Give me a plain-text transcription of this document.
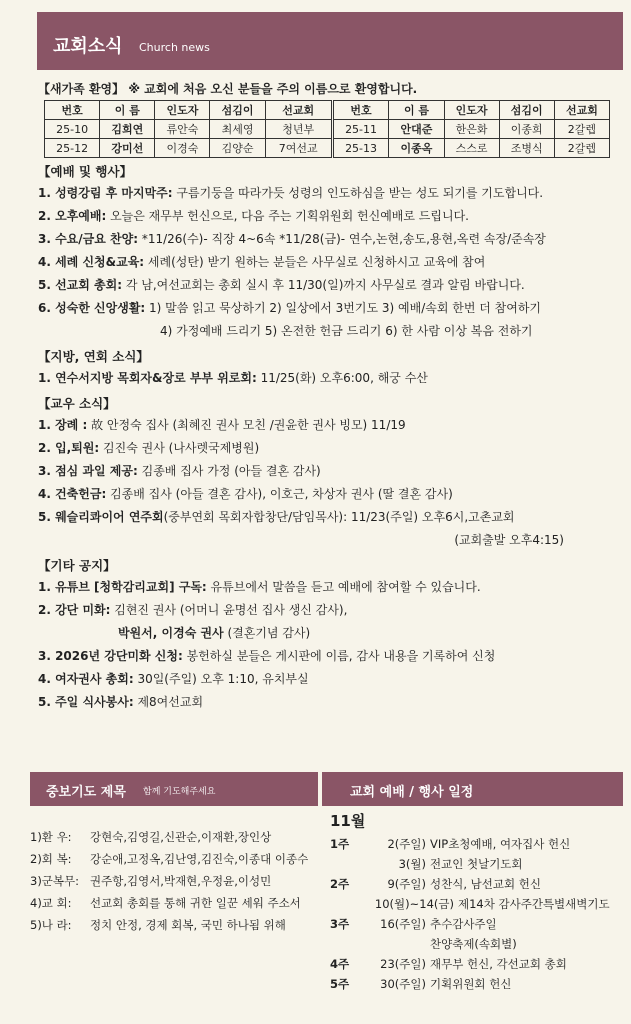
교회소식 Church news
【새가족 환영】 ※ 교회에 처음 오신 분들을 주의 이름으로 환영합니다.
번호	이 름	인도자	섬김이	선교회	번호	이 름	인도자	섬김이	선교회
25-10	김희연	류안숙	최세영	청년부	25-11	안대준	한은화	이종희	2갈렙
25-12	강미선	이경숙	김양순	7여선교	25-13	이종옥	스스로	조병식	2갈렙
【예배 및 행사】
1. 성령강림 후 마지막주: 구름기둥을 따라가듯 성령의 인도하심을 받는 성도 되기를 기도합니다.
2. 오후예배: 오늘은 재무부 헌신으로, 다음 주는 기획위원회 헌신예배로 드립니다.
3. 수요/금요 찬양: *11/26(수)- 직장 4~6속 *11/28(금)- 연수,논현,송도,용현,옥련 속장/준속장
4. 세례 신청&교육: 세례(성탄) 받기 원하는 분들은 사무실로 신청하시고 교육에 참여
5. 선교회 총회: 각 남,여선교회는 총회 실시 후 11/30(일)까지 사무실로 결과 알림 바랍니다.
6. 성숙한 신앙생활: 1) 말씀 읽고 묵상하기 2) 일상에서 3번기도 3) 예배/속회 한번 더 참여하기
4) 가정예배 드리기 5) 온전한 헌금 드리기 6) 한 사람 이상 복음 전하기
【지방, 연회 소식】
1. 연수서지방 목회자&장로 부부 위로회: 11/25(화) 오후6:00, 해궁 수산
【교우 소식】
1. 장례 : 故 안정숙 집사 (최혜진 권사 모친 /권윤한 권사 빙모) 11/19
2. 입,퇴원: 김진숙 권사 (나사렛국제병원)
3. 점심 과일 제공: 김종배 집사 가정 (아들 결혼 감사)
4. 건축헌금: 김종배 집사 (아들 결혼 감사), 이호근, 차상자 권사 (딸 결혼 감사)
5. 웨슬리콰이어 연주회(중부연회 목회자합창단/담임목사): 11/23(주일) 오후6시,고촌교회
(교회출발 오후4:15)
【기타 공지】
1. 유튜브 [청학감리교회] 구독: 유튜브에서 말씀을 듣고 예배에 참여할 수 있습니다.
2. 강단 미화: 김현진 권사 (어머니 윤명선 집사 생신 감사),
박원서, 이경숙 권사 (결혼기념 감사)
3. 2026년 강단미화 신청: 봉헌하실 분들은 게시판에 이름, 감사 내용을 기록하여 신청
4. 여자권사 총회: 30일(주일) 오후 1:10, 유치부실
5. 주일 식사봉사: 제8여선교회
중보기도 제목 함께 기도해주세요	교회 예배 / 행사 일정
1)환 우:	강현숙,김영길,신관순,이재환,장인상
2)회 복:	강순애,고정옥,김난영,김진숙,이종대 이종수
3)군복무: 권주항,김영서,박재현,우정윤,이성민
4)교 회:	선교회 총회를 통해 귀한 일꾼 세워 주소서
5)나 라:	정치 안정, 경제 회복, 국민 하나됨 위해
11월
1주	2(주일) VIP초청예배, 여자집사 헌신
3(월) 전교인 첫날기도회
2주	9(주일) 성찬식, 남선교회 헌신
10(월)~14(금) 제14차 감사주간특별새벽기도
3주	16(주일) 추수감사주일
찬양축제(속회별)
4주	23(주일) 재무부 헌신, 각선교회 총회
5주	30(주일) 기획위원회 헌신
